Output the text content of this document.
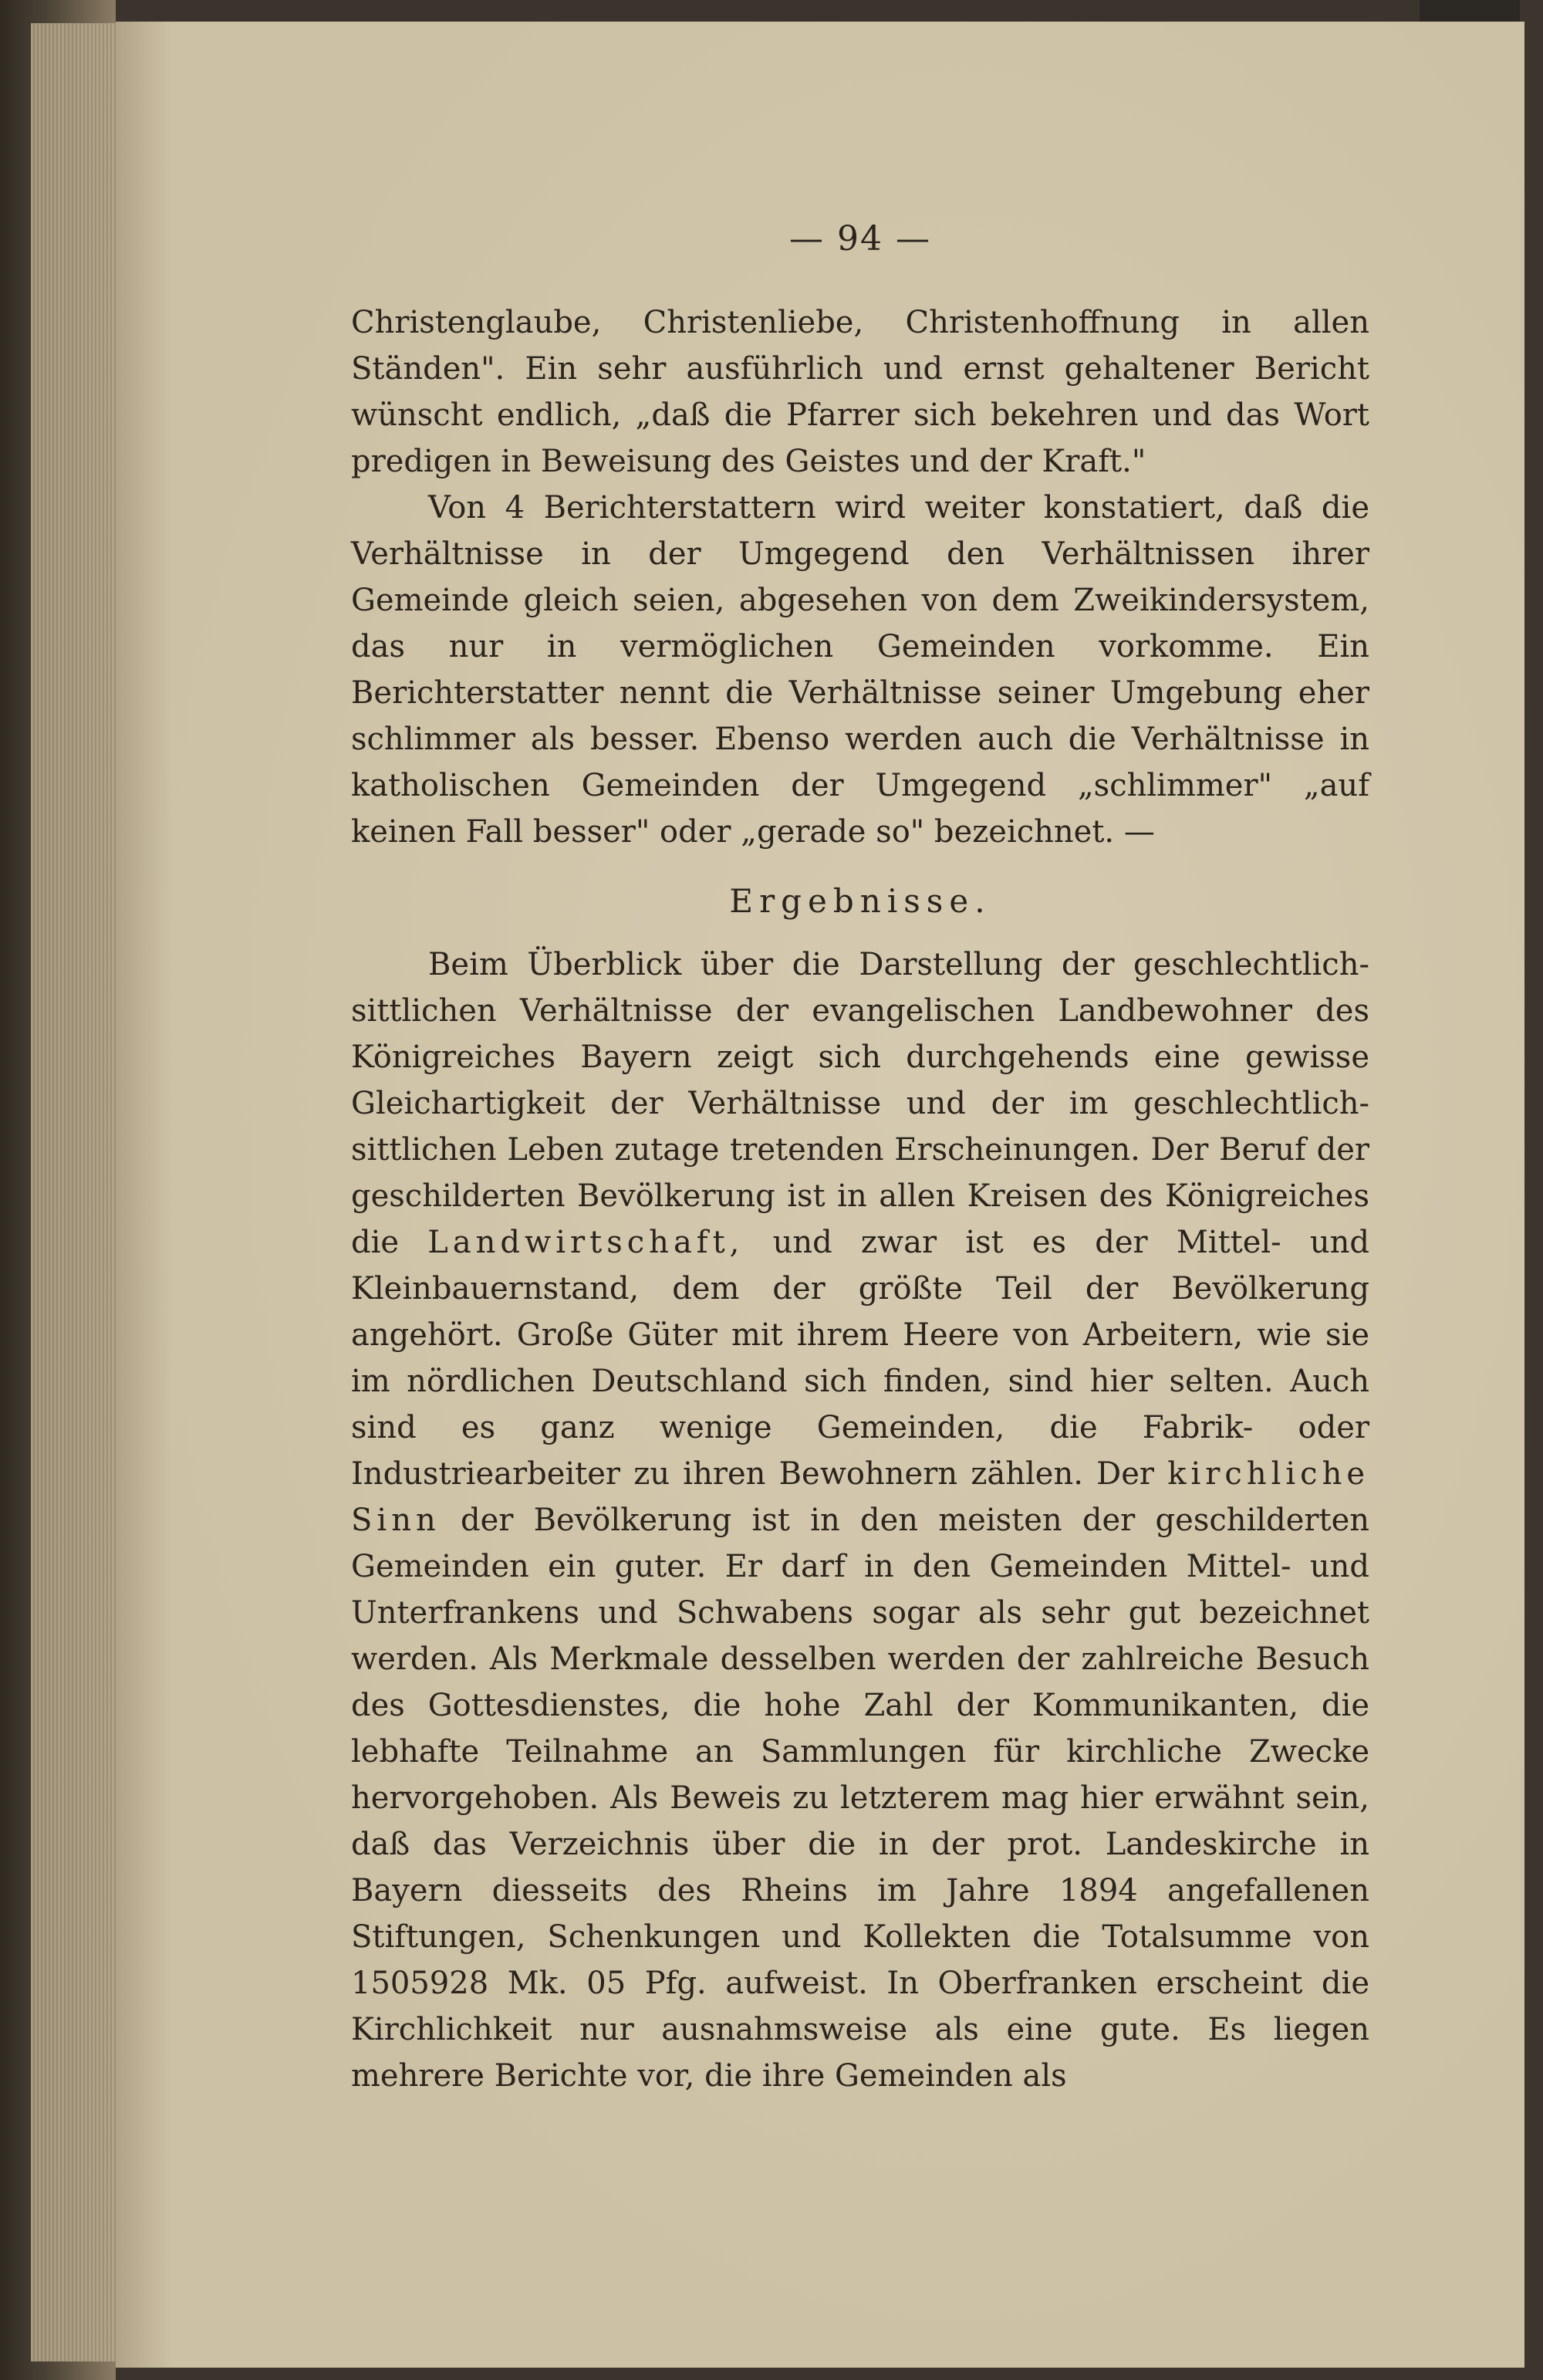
— 94 —

Christenglaube, Christenliebe, Christenhoffnung in allen Ständen". Ein sehr ausführlich und ernst gehaltener Bericht wünscht endlich, „daß die Pfarrer sich bekehren und das Wort predigen in Beweisung des Geistes und der Kraft."

Von 4 Berichterstattern wird weiter konstatiert, daß die Verhältnisse in der Umgegend den Verhältnissen ihrer Gemeinde gleich seien, abgesehen von dem Zweikindersystem, das nur in vermöglichen Gemeinden vorkomme. Ein Berichterstatter nennt die Verhältnisse seiner Umgebung eher schlimmer als besser. Ebenso werden auch die Verhältnisse in katholischen Gemeinden der Umgegend „schlimmer" „auf keinen Fall besser" oder „gerade so" bezeichnet. —

Ergebnisse.

Beim Überblick über die Darstellung der geschlechtlich-sittlichen Verhältnisse der evangelischen Landbewohner des Königreiches Bayern zeigt sich durchgehends eine gewisse Gleichartigkeit der Verhältnisse und der im geschlechtlich-sittlichen Leben zutage tretenden Erscheinungen. Der Beruf der geschilderten Bevölkerung ist in allen Kreisen des Königreiches die Landwirtschaft, und zwar ist es der Mittel- und Kleinbauernstand, dem der größte Teil der Bevölkerung angehört. Große Güter mit ihrem Heere von Arbeitern, wie sie im nördlichen Deutschland sich finden, sind hier selten. Auch sind es ganz wenige Gemeinden, die Fabrik- oder Industriearbeiter zu ihren Bewohnern zählen. Der kirchliche Sinn der Bevölkerung ist in den meisten der geschilderten Gemeinden ein guter. Er darf in den Gemeinden Mittel- und Unterfrankens und Schwabens sogar als sehr gut bezeichnet werden. Als Merkmale desselben werden der zahlreiche Besuch des Gottesdienstes, die hohe Zahl der Kommunikanten, die lebhafte Teilnahme an Sammlungen für kirchliche Zwecke hervorgehoben. Als Beweis zu letzterem mag hier erwähnt sein, daß das Verzeichnis über die in der prot. Landeskirche in Bayern diesseits des Rheins im Jahre 1894 angefallenen Stiftungen, Schenkungen und Kollekten die Totalsumme von 1505928 Mk. 05 Pfg. aufweist. In Oberfranken erscheint die Kirchlichkeit nur ausnahmsweise als eine gute. Es liegen mehrere Berichte vor, die ihre Gemeinden als
